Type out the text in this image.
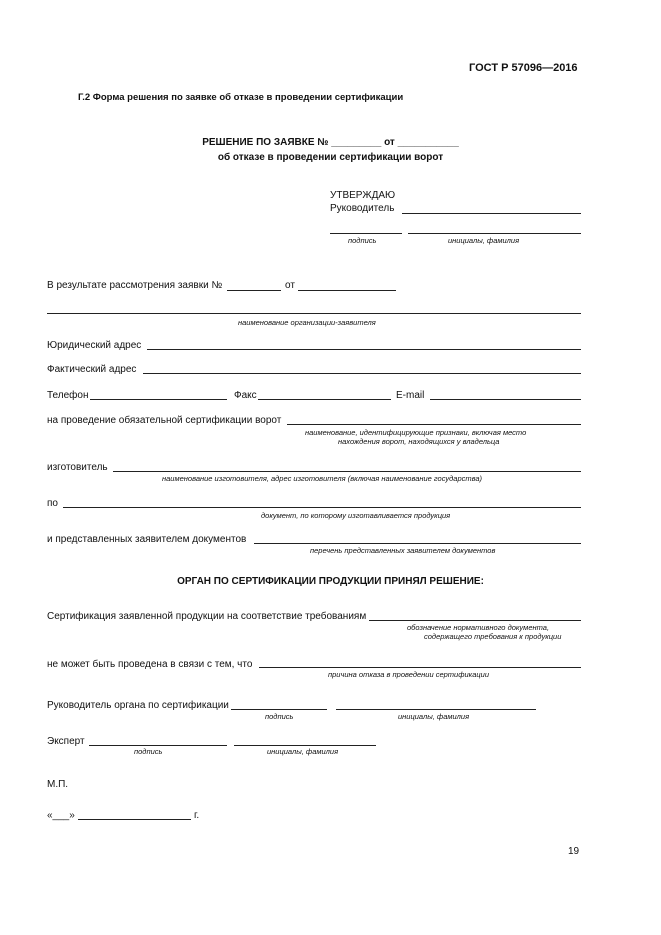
ГОСТ Р 57096—2016
Г.2 Форма решения по заявке об отказе в проведении сертификации
РЕШЕНИЕ ПО ЗАЯВКЕ № _________ от ___________
об отказе в проведении сертификации ворот
УТВЕРЖДАЮ
Руководитель
подпись	инициалы, фамилия
В результате рассмотрения заявки №	от
наименование организации-заявителя
Юридический адрес
Фактический адрес
Телефон	Факс	E-mail
на проведение обязательной сертификации ворот
наименование, идентифицирующие признаки, включая место
нахождения ворот, находящихся у владельца
изготовитель
наименование изготовителя, адрес изготовителя (включая наименование государства)
по
документ, по которому изготавливается продукция
и представленных заявителем документов
перечень представленных заявителем документов
ОРГАН ПО СЕРТИФИКАЦИИ ПРОДУКЦИИ ПРИНЯЛ РЕШЕНИЕ:
Сертификация заявленной продукции на соответствие требованиям
обозначение нормативного документа,
содержащего требования к продукции
не может быть проведена в связи с тем, что
причина отказа в проведении сертификации
Руководитель органа по сертификации
подпись	инициалы, фамилия
Эксперт
подпись	инициалы, фамилия
М.П.
«___»	г.
19
